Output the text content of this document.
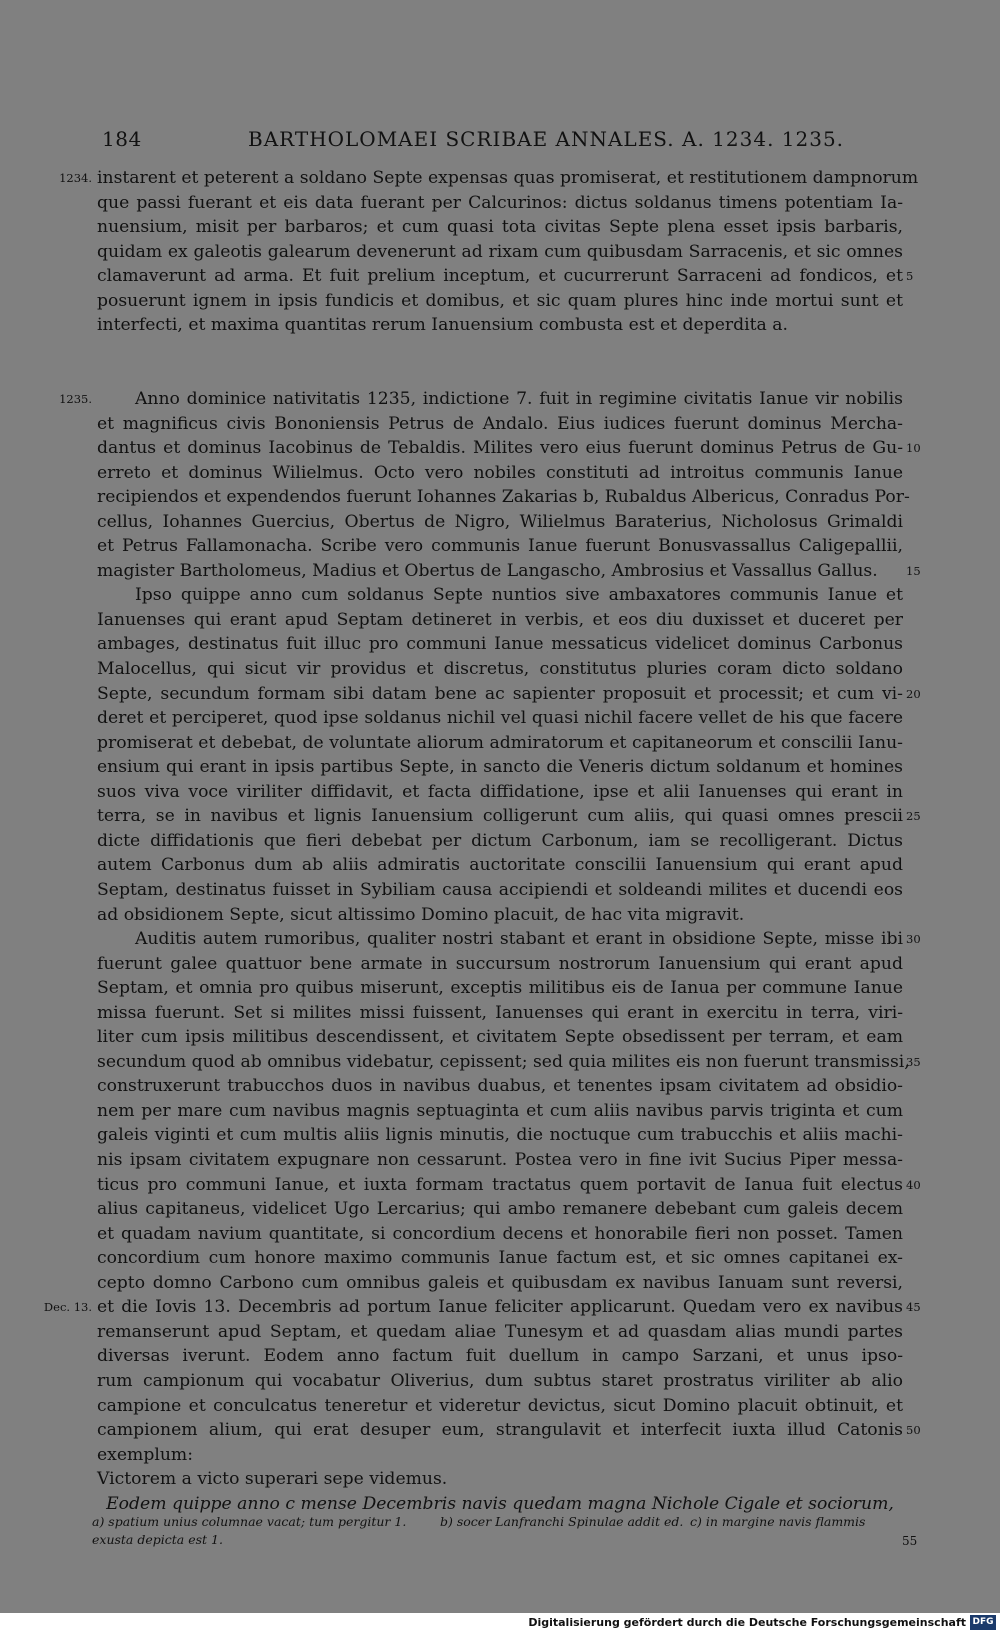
184	BARTHOLOMAEI SCRIBAE ANNALES. A. 1234. 1235.
instarent et peterent a soldano Septe expensas quas promiserat, et restitutionem dampnorum
que passi fuerant et eis data fuerant per Calcurinos: dictus soldanus timens potentiam Ia-
nuensium, misit per barbaros; et cum quasi tota civitas Septe plena esset ipsis barbaris,
quidam ex galeotis galearum devenerunt ad rixam cum quibusdam Sarracenis, et sic omnes
clamaverunt ad arma. Et fuit prelium inceptum, et cucurrerunt Sarraceni ad fondicos, et
posuerunt ignem in ipsis fundicis et domibus, et sic quam plures hinc inde mortui sunt et
interfecti, et maxima quantitas rerum Ianuensium combusta est et deperdita a.
Anno dominice nativitatis 1235, indictione 7. fuit in regimine civitatis Ianue vir nobilis
et magnificus civis Bononiensis Petrus de Andalo. Eius iudices fuerunt dominus Mercha-
dantus et dominus Iacobinus de Tebaldis. Milites vero eius fuerunt dominus Petrus de Gu-
erreto et dominus Wilielmus. Octo vero nobiles constituti ad introitus communis Ianue
recipiendos et expendendos fuerunt Iohannes Zakarias b, Rubaldus Albericus, Conradus Por-
cellus, Iohannes Guercius, Obertus de Nigro, Wilielmus Baraterius, Nicholosus Grimaldi
et Petrus Fallamonacha. Scribe vero communis Ianue fuerunt Bonusvassallus Caligepallii,
magister Bartholomeus, Madius et Obertus de Langascho, Ambrosius et Vassallus Gallus.
Ipso quippe anno cum soldanus Septe nuntios sive ambaxatores communis Ianue et
Ianuenses qui erant apud Septam detineret in verbis, et eos diu duxisset et duceret per
ambages, destinatus fuit illuc pro communi Ianue messaticus videlicet dominus Carbonus
Malocellus, qui sicut vir providus et discretus, constitutus pluries coram dicto soldano
Septe, secundum formam sibi datam bene ac sapienter proposuit et processit; et cum vi-
deret et perciperet, quod ipse soldanus nichil vel quasi nichil facere vellet de his que facere
promiserat et debebat, de voluntate aliorum admiratorum et capitaneorum et conscilii Ianu-
ensium qui erant in ipsis partibus Septe, in sancto die Veneris dictum soldanum et homines
suos viva voce viriliter diffidavit, et facta diffidatione, ipse et alii Ianuenses qui erant in
terra, se in navibus et lignis Ianuensium colligerunt cum aliis, qui quasi omnes prescii
dicte diffidationis que fieri debebat per dictum Carbonum, iam se recolligerant. Dictus
autem Carbonus dum ab aliis admiratis auctoritate conscilii Ianuensium qui erant apud
Septam, destinatus fuisset in Sybiliam causa accipiendi et soldeandi milites et ducendi eos
ad obsidionem Septe, sicut altissimo Domino placuit, de hac vita migravit.
Auditis autem rumoribus, qualiter nostri stabant et erant in obsidione Septe, misse ibi
fuerunt galee quattuor bene armate in succursum nostrorum Ianuensium qui erant apud
Septam, et omnia pro quibus miserunt, exceptis militibus eis de Ianua per commune Ianue
missa fuerunt. Set si milites missi fuissent, Ianuenses qui erant in exercitu in terra, viri-
liter cum ipsis militibus descendissent, et civitatem Septe obsedissent per terram, et eam
secundum quod ab omnibus videbatur, cepissent; sed quia milites eis non fuerunt transmissi,
construxerunt trabucchos duos in navibus duabus, et tenentes ipsam civitatem ad obsidio-
nem per mare cum navibus magnis septuaginta et cum aliis navibus parvis triginta et cum
galeis viginti et cum multis aliis lignis minutis, die noctuque cum trabucchis et aliis machi-
nis ipsam civitatem expugnare non cessarunt. Postea vero in fine ivit Sucius Piper messa-
ticus pro communi Ianue, et iuxta formam tractatus quem portavit de Ianua fuit electus
alius capitaneus, videlicet Ugo Lercarius; qui ambo remanere debebant cum galeis decem
et quadam navium quantitate, si concordium decens et honorabile fieri non posset. Tamen
concordium cum honore maximo communis Ianue factum est, et sic omnes capitanei ex-
cepto domno Carbono cum omnibus galeis et quibusdam ex navibus Ianuam sunt reversi,
et die Iovis 13. Decembris ad portum Ianue feliciter applicarunt. Quedam vero ex navibus
remanserunt apud Septam, et quedam aliae Tunesym et ad quasdam alias mundi partes
diversas iverunt. Eodem anno factum fuit duellum in campo Sarzani, et unus ipso-
rum campionum qui vocabatur Oliverius, dum subtus staret prostratus viriliter ab alio
campione et conculcatus teneretur et videretur devictus, sicut Domino placuit obtinuit, et
campionem alium, qui erat desuper eum, strangulavit et interfecit iuxta illud Catonis
exemplum:
Victorem a victo superari sepe videmus.
Eodem quippe anno c mense Decembris navis quedam magna Nichole Cigale et sociorum,
1234.
1235.
Dec. 13.
5
10
15
20
25
30
35
40
45
50
a) spatium unius columnae vacat; tum pergitur 1.	b) socer Lanfranchi Spinulae addit ed. c) in margine navis flammis
exusta depicta est 1.	55
Digitalisierung gefördert durch die Deutsche Forschungsgemeinschaft DFG
